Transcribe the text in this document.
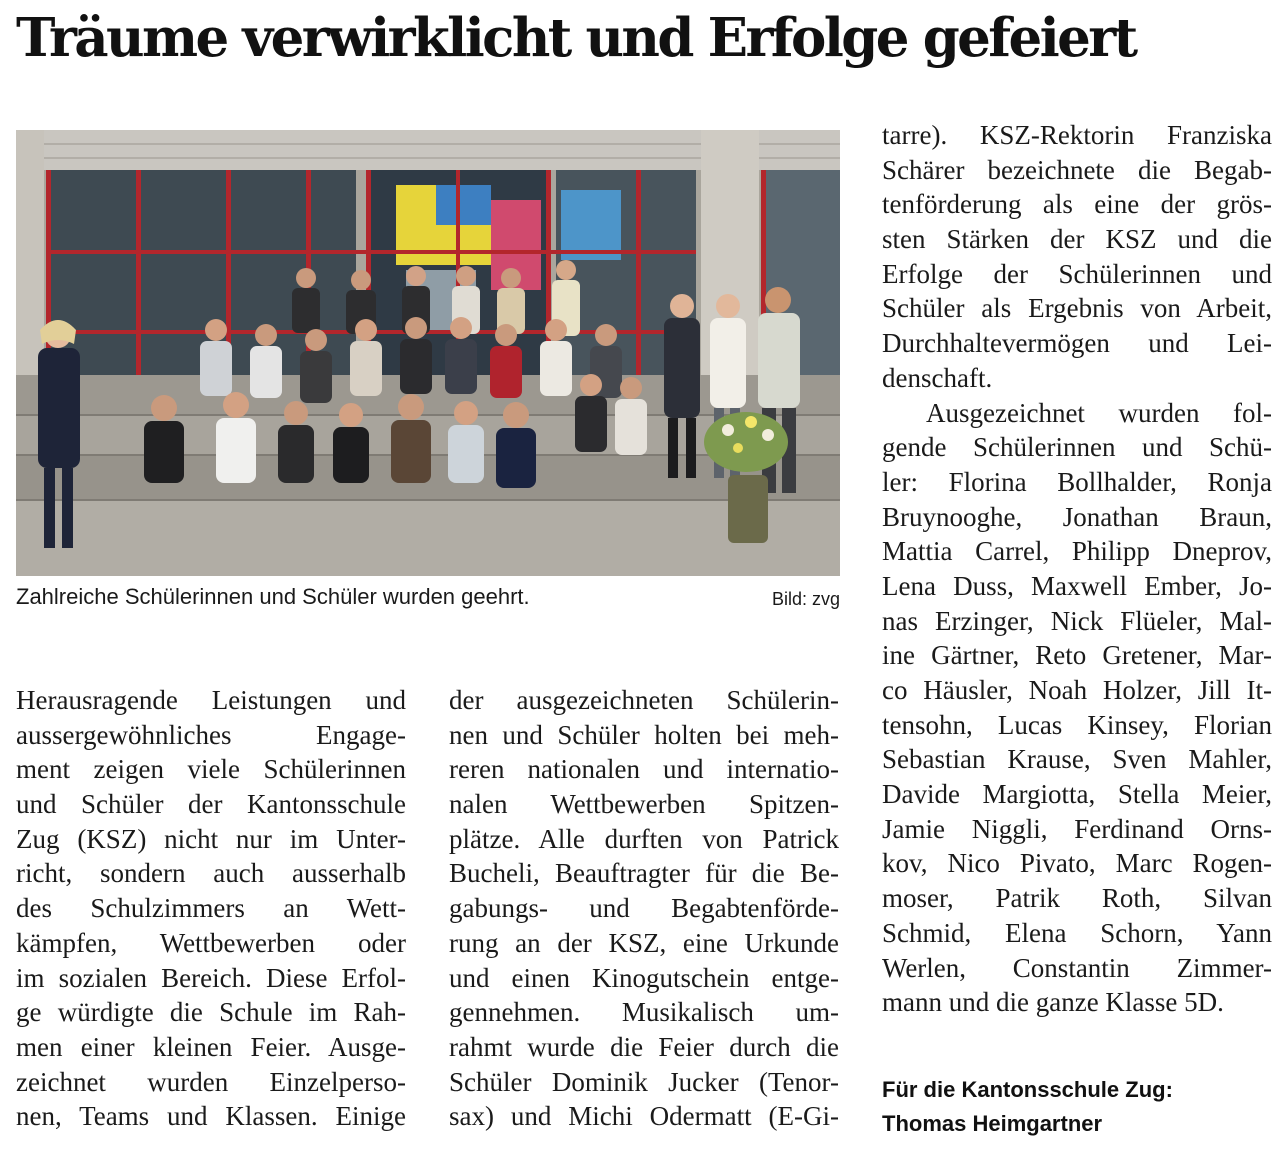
Träume verwirklicht und Erfolge gefeiert
Zahlreiche Schülerinnen und Schüler wurden geehrt.	Bild: zvg
Herausragende Leistungen und
aussergewöhnliches Engage-
ment zeigen viele Schülerinnen
und Schüler der Kantonsschule
Zug (KSZ) nicht nur im Unter-
richt, sondern auch ausserhalb
des Schulzimmers an Wett-
kämpfen, Wettbewerben oder
im sozialen Bereich. Diese Erfol-
ge würdigte die Schule im Rah-
men einer kleinen Feier. Ausge-
zeichnet wurden Einzelperso-
nen, Teams und Klassen. Einige
der ausgezeichneten Schülerin-
nen und Schüler holten bei meh-
reren nationalen und internatio-
nalen Wettbewerben Spitzen-
plätze. Alle durften von Patrick
Bucheli, Beauftragter für die Be-
gabungs- und Begabtenförde-
rung an der KSZ, eine Urkunde
und einen Kinogutschein entge-
gennehmen. Musikalisch um-
rahmt wurde die Feier durch die
Schüler Dominik Jucker (Tenor-
sax) und Michi Odermatt (E-Gi-
tarre). KSZ-Rektorin Franziska
Schärer bezeichnete die Begab-
tenförderung als eine der grös-
sten Stärken der KSZ und die
Erfolge der Schülerinnen und
Schüler als Ergebnis von Arbeit,
Durchhaltevermögen und Lei-
denschaft.
Ausgezeichnet wurden fol-
gende Schülerinnen und Schü-
ler: Florina Bollhalder, Ronja
Bruynooghe, Jonathan Braun,
Mattia Carrel, Philipp Dneprov,
Lena Duss, Maxwell Ember, Jo-
nas Erzinger, Nick Flüeler, Mal-
ine Gärtner, Reto Gretener, Mar-
co Häusler, Noah Holzer, Jill It-
tensohn, Lucas Kinsey, Florian
Sebastian Krause, Sven Mahler,
Davide Margiotta, Stella Meier,
Jamie Niggli, Ferdinand Orns-
kov, Nico Pivato, Marc Rogen-
moser, Patrik Roth, Silvan
Schmid, Elena Schorn, Yann
Werlen, Constantin Zimmer-
mann und die ganze Klasse 5D.
Für die Kantonsschule Zug:
Thomas Heimgartner
